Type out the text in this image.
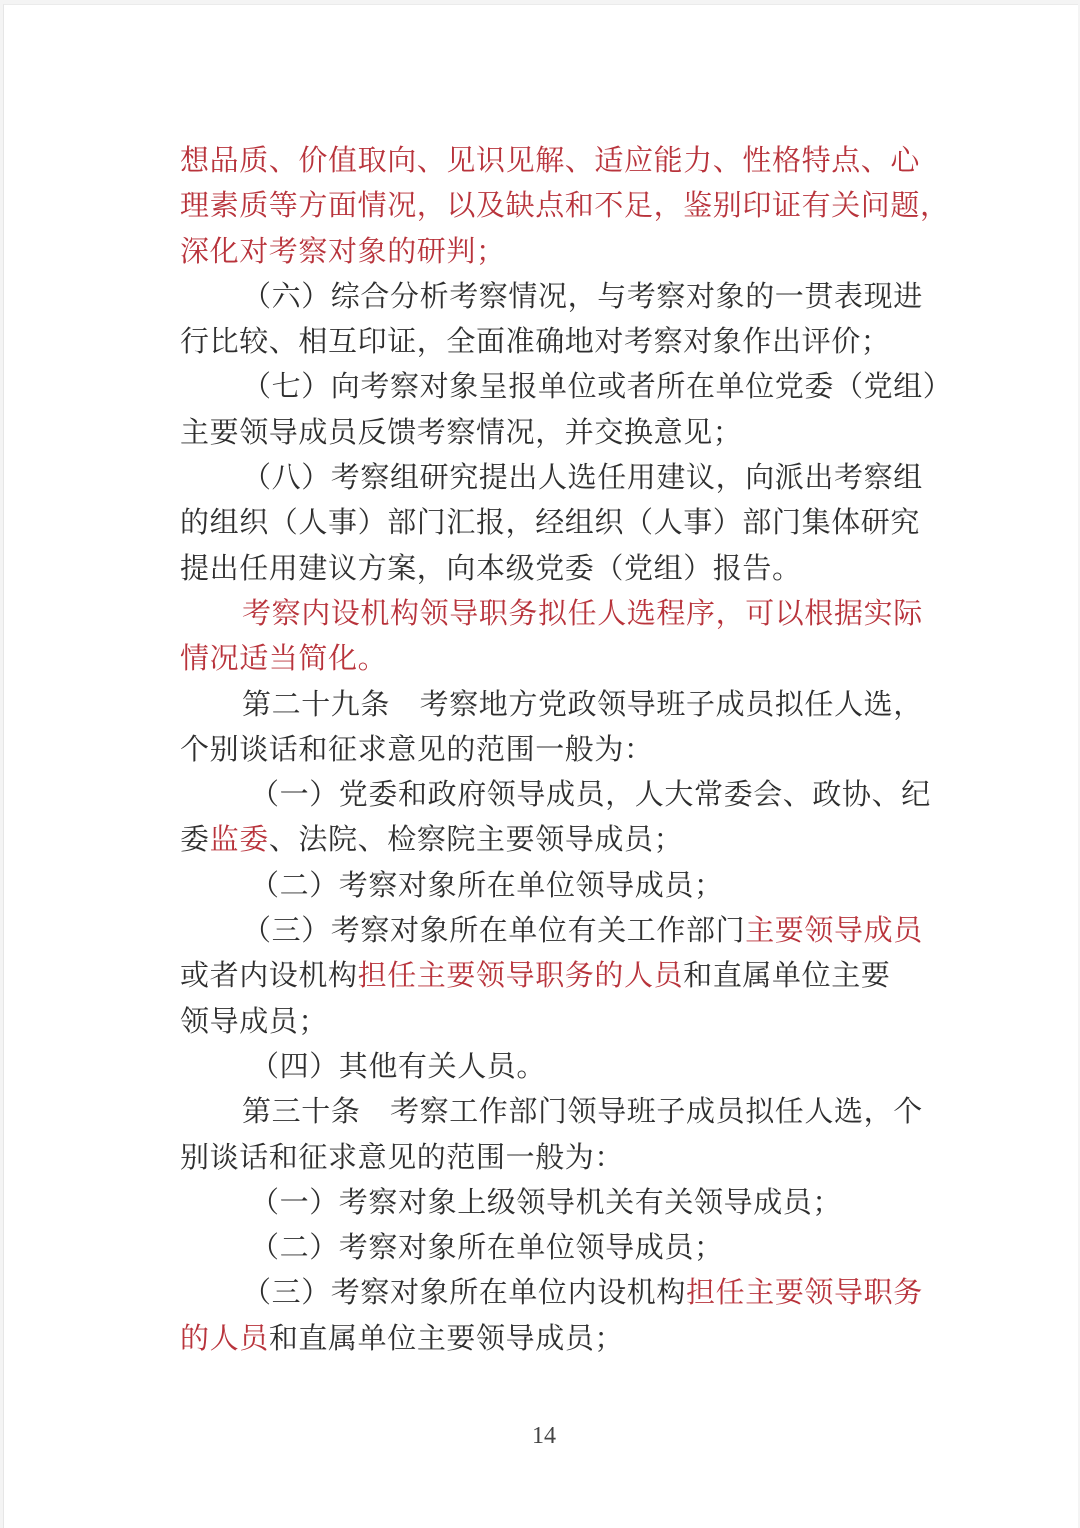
想品质、价值取向、见识见解、适应能力、性格特点、心
理素质等方面情况，以及缺点和不足，鉴别印证有关问题，
深化对考察对象的研判；
（六）综合分析考察情况，与考察对象的一贯表现进
行比较、相互印证，全面准确地对考察对象作出评价；
（七）向考察对象呈报单位或者所在单位党委（党组）
主要领导成员反馈考察情况，并交换意见；
（八）考察组研究提出人选任用建议，向派出考察组
的组织（人事）部门汇报，经组织（人事）部门集体研究
提出任用建议方案，向本级党委（党组）报告。
考察内设机构领导职务拟任人选程序，可以根据实际
情况适当简化。
第二十九条　考察地方党政领导班子成员拟任人选，
个别谈话和征求意见的范围一般为：
（一）党委和政府领导成员，人大常委会、政协、纪
委监委、法院、检察院主要领导成员；
（二）考察对象所在单位领导成员；
（三）考察对象所在单位有关工作部门主要领导成员
或者内设机构担任主要领导职务的人员和直属单位主要
领导成员；
（四）其他有关人员。
第三十条　考察工作部门领导班子成员拟任人选，个
别谈话和征求意见的范围一般为：
（一）考察对象上级领导机关有关领导成员；
（二）考察对象所在单位领导成员；
（三）考察对象所在单位内设机构担任主要领导职务
的人员和直属单位主要领导成员；
14
